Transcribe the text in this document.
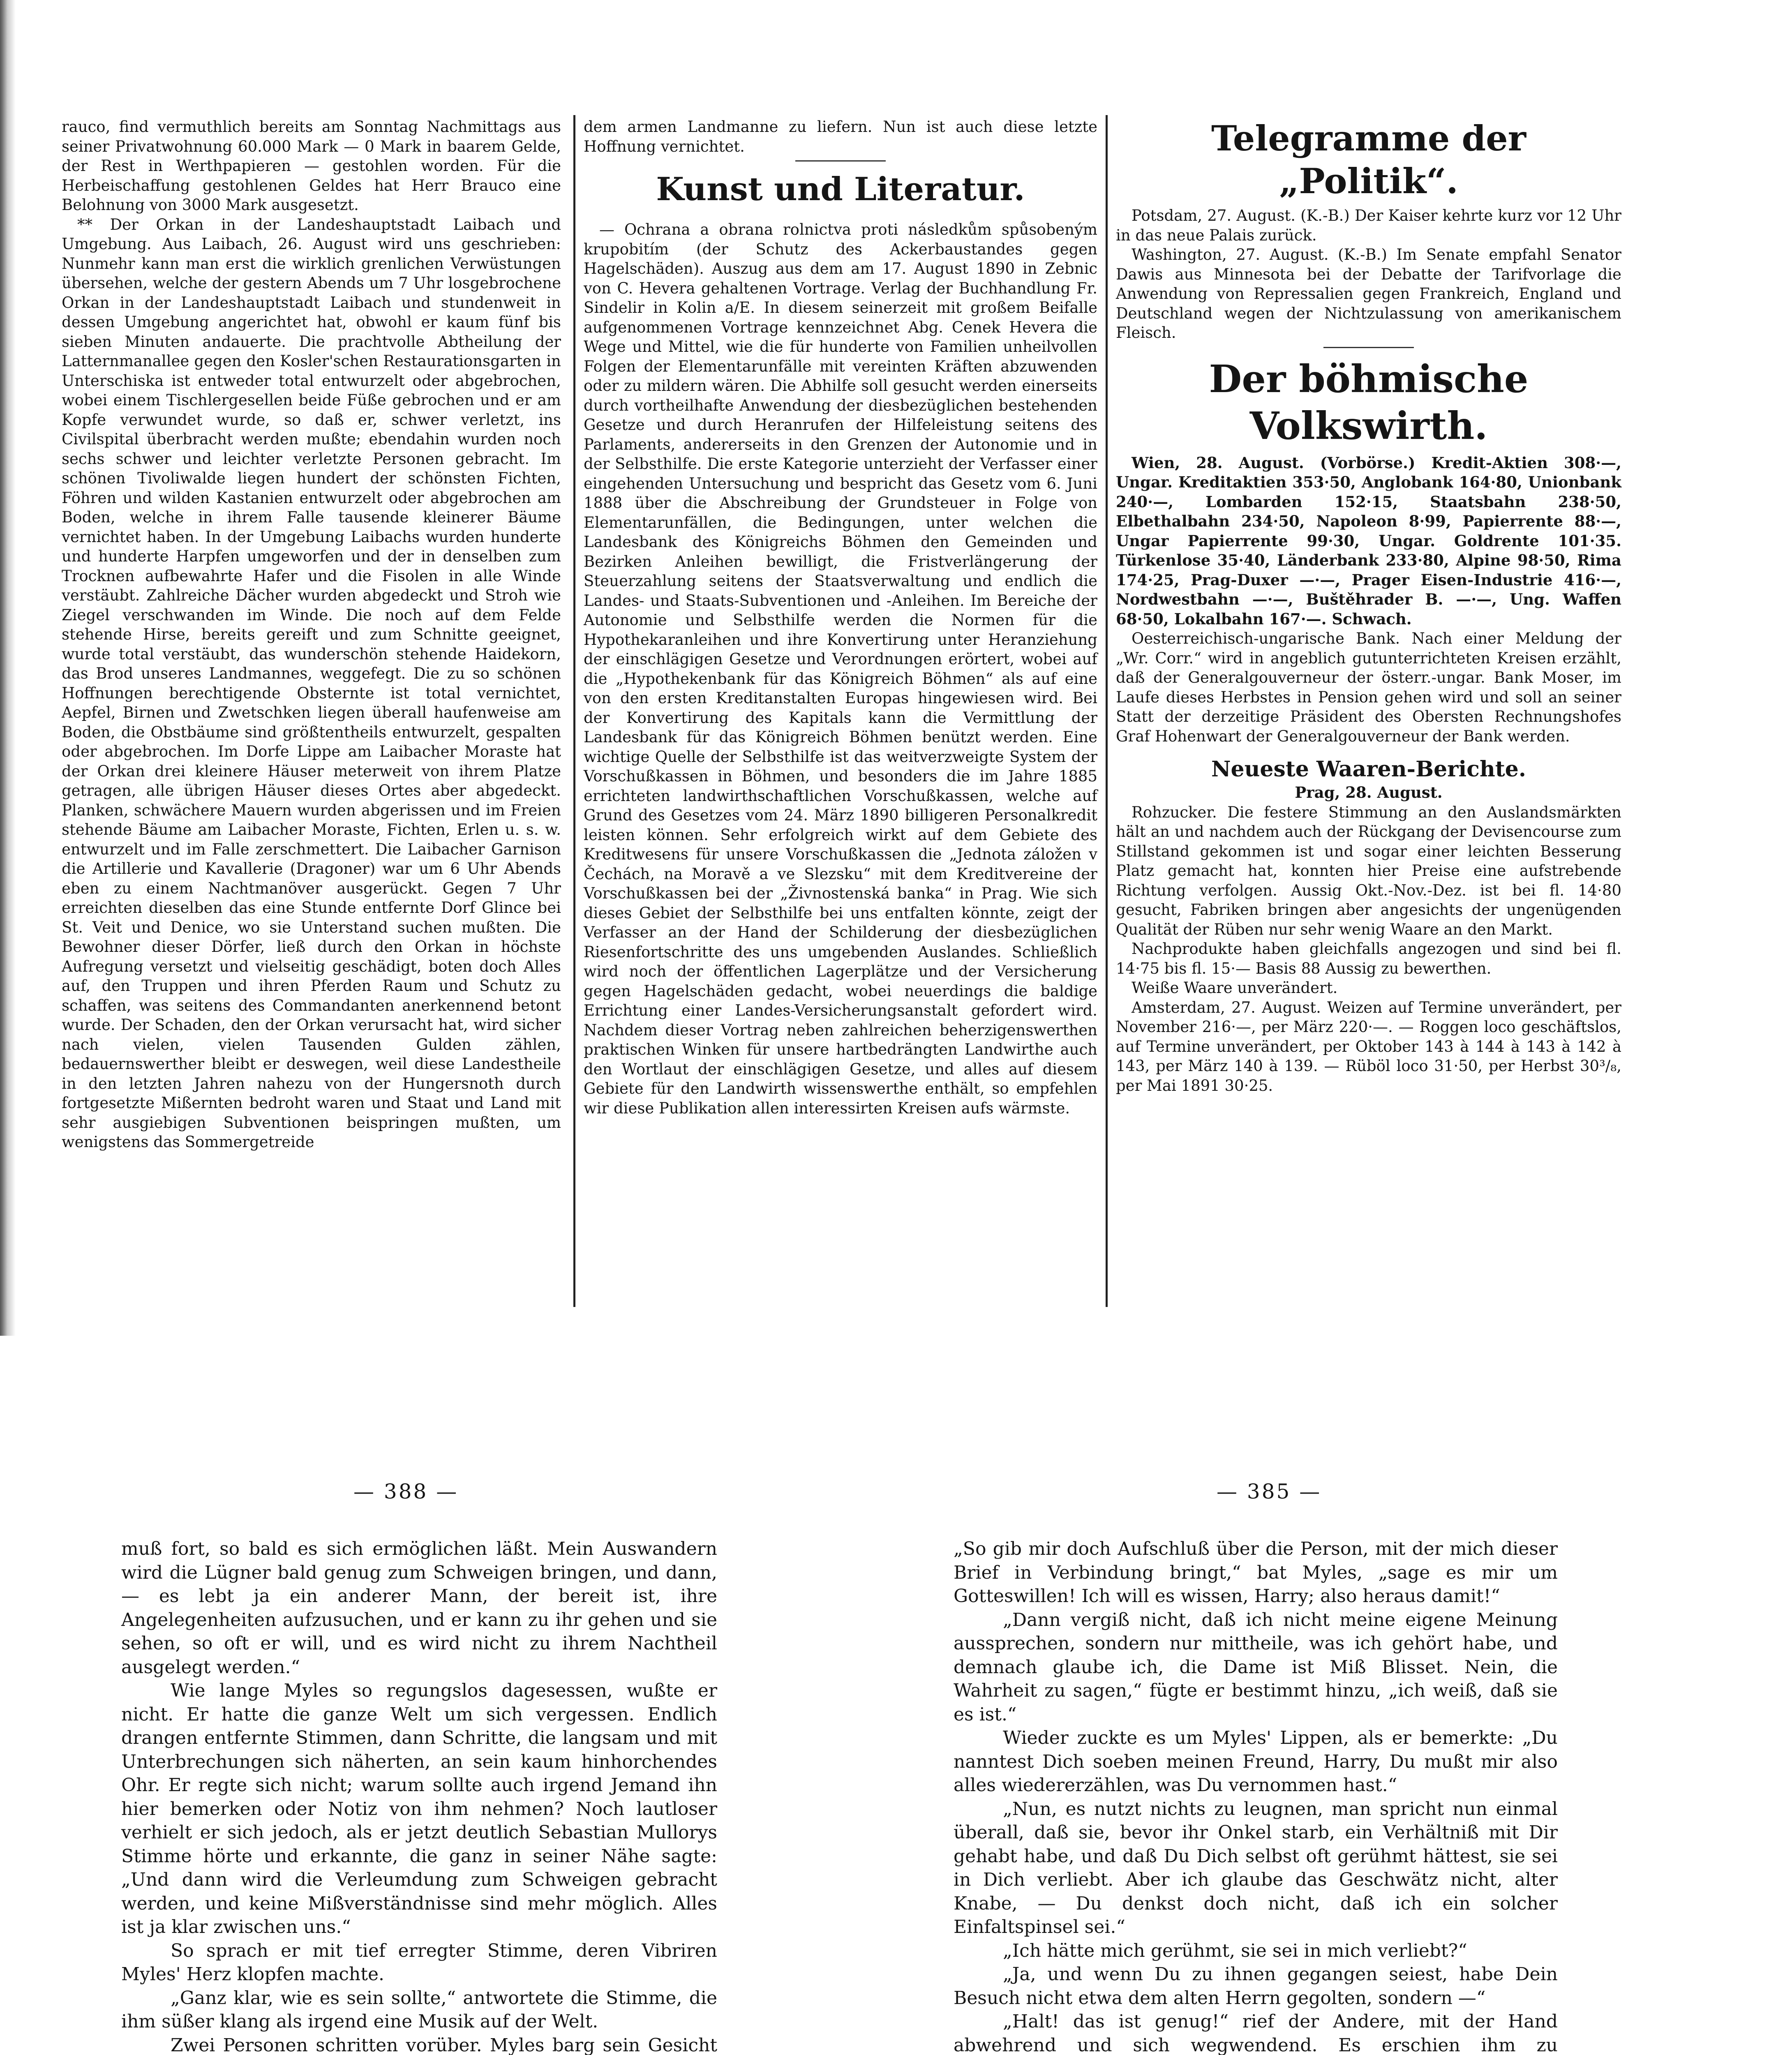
rauco, find vermuthlich bereits am Sonntag Nachmittags aus seiner Privatwohnung 60.000 Mark — 0 Mark in baarem Gelde, der Rest in Werthpapieren — gestohlen worden. Für die Herbeischaffung gestohlenen Geldes hat Herr Brauco eine Belohnung von 3000 Mark ausgesetzt.

** Der Orkan in der Landeshauptstadt Laibach und Umgebung. Aus Laibach, 26. August wird uns geschrieben: Nunmehr kann man erst die wirklich grenlichen Verwüstungen übersehen, welche der gestern Abends um 7 Uhr losgebrochene Orkan in der Landeshauptstadt Laibach und stundenweit in dessen Umgebung angerichtet hat, obwohl er kaum fünf bis sieben Minuten andauerte. Die prachtvolle Abtheilung der Latternmanallee gegen den Kosler'schen Restaurationsgarten in Unterschiska ist entweder total entwurzelt oder abgebrochen, wobei einem Tischlergesellen beide Füße gebrochen und er am Kopfe verwundet wurde, so daß er, schwer verletzt, ins Civilspital überbracht werden mußte; ebendahin wurden noch sechs schwer und leichter verletzte Personen gebracht. Im schönen Tivoliwalde liegen hundert der schönsten Fichten, Föhren und wilden Kastanien entwurzelt oder abgebrochen am Boden, welche in ihrem Falle tausende kleinerer Bäume vernichtet haben. In der Umgebung Laibachs wurden hunderte und hunderte Harpfen umgeworfen und der in denselben zum Trocknen aufbewahrte Hafer und die Fisolen in alle Winde verstäubt. Zahlreiche Dächer wurden abgedeckt und Stroh wie Ziegel verschwanden im Winde. Die noch auf dem Felde stehende Hirse, bereits gereift und zum Schnitte geeignet, wurde total verstäubt, das wunderschön stehende Haidekorn, das Brod unseres Landmannes, weggefegt. Die zu so schönen Hoffnungen berechtigende Obsternte ist total vernichtet, Aepfel, Birnen und Zwetschken liegen überall haufenweise am Boden, die Obstbäume sind größtentheils entwurzelt, gespalten oder abgebrochen. Im Dorfe Lippe am Laibacher Moraste hat der Orkan drei kleinere Häuser meterweit von ihrem Platze getragen, alle übrigen Häuser dieses Ortes aber abgedeckt. Planken, schwächere Mauern wurden abgerissen und im Freien stehende Bäume am Laibacher Moraste, Fichten, Erlen u. s. w. entwurzelt und im Falle zerschmettert. Die Laibacher Garnison die Artillerie und Kavallerie (Dragoner) war um 6 Uhr Abends eben zu einem Nachtmanöver ausgerückt. Gegen 7 Uhr erreichten dieselben das eine Stunde entfernte Dorf Glince bei St. Veit und Denice, wo sie Unterstand suchen mußten. Die Bewohner dieser Dörfer, ließ durch den Orkan in höchste Aufregung versetzt und vielseitig geschädigt, boten doch Alles auf, den Truppen und ihren Pferden Raum und Schutz zu schaffen, was seitens des Commandanten anerkennend betont wurde. Der Schaden, den der Orkan verursacht hat, wird sicher nach vielen, vielen Tausenden Gulden zählen, bedauernswerther bleibt er deswegen, weil diese Landestheile in den letzten Jahren nahezu von der Hungersnoth durch fortgesetzte Mißernten bedroht waren und Staat und Land mit sehr ausgiebigen Subventionen beispringen mußten, um wenigstens das Sommergetreide

dem armen Landmanne zu liefern. Nun ist auch diese letzte Hoffnung vernichtet.

Kunst und Literatur.

— Ochrana a obrana rolnictva proti následkům spůsobeným krupobitím (der Schutz des Ackerbaustandes gegen Hagelschäden). Auszug aus dem am 17. August 1890 in Zebnic von C. Hevera gehaltenen Vortrage. Verlag der Buchhandlung Fr. Sindelir in Kolin a/E. In diesem seinerzeit mit großem Beifalle aufgenommenen Vortrage kennzeichnet Abg. Cenek Hevera die Wege und Mittel, wie die für hunderte von Familien unheilvollen Folgen der Elementarunfälle mit vereinten Kräften abzuwenden oder zu mildern wären. Die Abhilfe soll gesucht werden einerseits durch vortheilhafte Anwendung der diesbezüglichen bestehenden Gesetze und durch Heranrufen der Hilfeleistung seitens des Parlaments, andererseits in den Grenzen der Autonomie und in der Selbsthilfe. Die erste Kategorie unterzieht der Verfasser einer eingehenden Untersuchung und bespricht das Gesetz vom 6. Juni 1888 über die Abschreibung der Grundsteuer in Folge von Elementarunfällen, die Bedingungen, unter welchen die Landesbank des Königreichs Böhmen den Gemeinden und Bezirken Anleihen bewilligt, die Fristverlängerung der Steuerzahlung seitens der Staatsverwaltung und endlich die Landes- und Staats-Subventionen und -Anleihen. Im Bereiche der Autonomie und Selbsthilfe werden die Normen für die Hypothekaranleihen und ihre Konvertirung unter Heranziehung der einschlägigen Gesetze und Verordnungen erörtert, wobei auf die „Hypothekenbank für das Königreich Böhmen“ als auf eine von den ersten Kreditanstalten Europas hingewiesen wird. Bei der Konvertirung des Kapitals kann die Vermittlung der Landesbank für das Königreich Böhmen benützt werden. Eine wichtige Quelle der Selbsthilfe ist das weitverzweigte System der Vorschußkassen in Böhmen, und besonders die im Jahre 1885 errichteten landwirthschaftlichen Vorschußkassen, welche auf Grund des Gesetzes vom 24. März 1890 billigeren Personalkredit leisten können. Sehr erfolgreich wirkt auf dem Gebiete des Kreditwesens für unsere Vorschußkassen die „Jednota záložen v Čechách, na Moravě a ve Slezsku“ mit dem Kreditvereine der Vorschußkassen bei der „Živnostenská banka“ in Prag. Wie sich dieses Gebiet der Selbsthilfe bei uns entfalten könnte, zeigt der Verfasser an der Hand der Schilderung der diesbezüglichen Riesenfortschritte des uns umgebenden Auslandes. Schließlich wird noch der öffentlichen Lagerplätze und der Versicherung gegen Hagelschäden gedacht, wobei neuerdings die baldige Errichtung einer Landes-Versicherungsanstalt gefordert wird. Nachdem dieser Vortrag neben zahlreichen beherzigenswerthen praktischen Winken für unsere hartbedrängten Landwirthe auch den Wortlaut der einschlägigen Gesetze, und alles auf diesem Gebiete für den Landwirth wissenswerthe enthält, so empfehlen wir diese Publikation allen interessirten Kreisen aufs wärmste.

Telegramme der „Politik“.

Potsdam, 27. August. (K.-B.) Der Kaiser kehrte kurz vor 12 Uhr in das neue Palais zurück.

Washington, 27. August. (K.-B.) Im Senate empfahl Senator Dawis aus Minnesota bei der Debatte der Tarifvorlage die Anwendung von Repressalien gegen Frankreich, England und Deutschland wegen der Nichtzulassung von amerikanischem Fleisch.

Der böhmische Volkswirth.

Wien, 28. August. (Vorbörse.) Kredit-Aktien 308·—, Ungar. Kreditaktien 353·50, Anglobank 164·80, Unionbank 240·—, Lombarden 152·15, Staatsbahn 238·50, Elbethalbahn 234·50, Napoleon 8·99, Papierrente 88·—, Ungar Papierrente 99·30, Ungar. Goldrente 101·35. Türkenlose 35·40, Länderbank 233·80, Alpine 98·50, Rima 174·25, Prag-Duxer —·—, Prager Eisen-Industrie 416·—, Nordwestbahn —·—, Buštěhrader B. —·—, Ung. Waffen 68·50, Lokalbahn 167·—. Schwach.

Oesterreichisch-ungarische Bank. Nach einer Meldung der „Wr. Corr.“ wird in angeblich gutunterrichteten Kreisen erzählt, daß der Generalgouverneur der österr.-ungar. Bank Moser, im Laufe dieses Herbstes in Pension gehen wird und soll an seiner Statt der derzeitige Präsident des Obersten Rechnungshofes Graf Hohenwart der Generalgouverneur der Bank werden.

Neueste Waaren-Berichte.
Prag, 28. August.

Rohzucker. Die festere Stimmung an den Auslandsmärkten hält an und nachdem auch der Rückgang der Devisencourse zum Stillstand gekommen ist und sogar einer leichten Besserung Platz gemacht hat, konnten hier Preise eine aufstrebende Richtung verfolgen. Aussig Okt.-Nov.-Dez. ist bei fl. 14·80 gesucht, Fabriken bringen aber angesichts der ungenügenden Qualität der Rüben nur sehr wenig Waare an den Markt.

Nachprodukte haben gleichfalls angezogen und sind bei fl. 14·75 bis fl. 15·— Basis 88 Aussig zu bewerthen.

Weiße Waare unverändert.

Amsterdam, 27. August. Weizen auf Termine unverändert, per November 216·—, per März 220·—. — Roggen loco geschäftslos, auf Termine unverändert, per Oktober 143 à 144 à 143 à 142 à 143, per März 140 à 139. — Rüböl loco 31·50, per Herbst 30³/₈, per Mai 1891 30·25.

— 388 —	— 385 —

muß fort, so bald es sich ermöglichen läßt. Mein Auswandern wird die Lügner bald genug zum Schweigen bringen, und dann, — es lebt ja ein anderer Mann, der bereit ist, ihre Angelegenheiten aufzusuchen, und er kann zu ihr gehen und sie sehen, so oft er will, und es wird nicht zu ihrem Nachtheil ausgelegt werden.“

Wie lange Myles so regungslos dagesessen, wußte er nicht. Er hatte die ganze Welt um sich vergessen. Endlich drangen entfernte Stimmen, dann Schritte, die langsam und mit Unterbrechungen sich näherten, an sein kaum hinhorchendes Ohr. Er regte sich nicht; warum sollte auch irgend Jemand ihn hier bemerken oder Notiz von ihm nehmen? Noch lautloser verhielt er sich jedoch, als er jetzt deutlich Sebastian Mullorys Stimme hörte und erkannte, die ganz in seiner Nähe sagte: „Und dann wird die Verleumdung zum Schweigen gebracht werden, und keine Mißverständnisse sind mehr möglich. Alles ist ja klar zwischen uns.“

So sprach er mit tief erregter Stimme, deren Vibriren Myles' Herz klopfen machte.

„Ganz klar, wie es sein sollte,“ antwortete die Stimme, die ihm süßer klang als irgend eine Musik auf der Welt.

Zwei Personen schritten vorüber. Myles barg sein Gesicht

„So gib mir doch Aufschluß über die Person, mit der mich dieser Brief in Verbindung bringt,“ bat Myles, „sage es mir um Gotteswillen! Ich will es wissen, Harry; also heraus damit!“

„Dann vergiß nicht, daß ich nicht meine eigene Meinung aussprechen, sondern nur mittheile, was ich gehört habe, und demnach glaube ich, die Dame ist Miß Blisset. Nein, die Wahrheit zu sagen,“ fügte er bestimmt hinzu, „ich weiß, daß sie es ist.“

Wieder zuckte es um Myles' Lippen, als er bemerkte: „Du nanntest Dich soeben meinen Freund, Harry, Du mußt mir also alles wiedererzählen, was Du vernommen hast.“

„Nun, es nutzt nichts zu leugnen, man spricht nun einmal überall, daß sie, bevor ihr Onkel starb, ein Verhältniß mit Dir gehabt habe, und daß Du Dich selbst oft gerühmt hättest, sie sei in Dich verliebt. Aber ich glaube das Geschwätz nicht, alter Knabe, — Du denkst doch nicht, daß ich ein solcher Einfaltspinsel sei.“

„Ich hätte mich gerühmt, sie sei in mich verliebt?“

„Ja, und wenn Du zu ihnen gegangen seiest, habe Dein Besuch nicht etwa dem alten Herrn gegolten, sondern —“

„Halt! das ist genug!“ rief der Andere, mit der Hand abwehrend und sich wegwendend. Es erschien ihm zu
